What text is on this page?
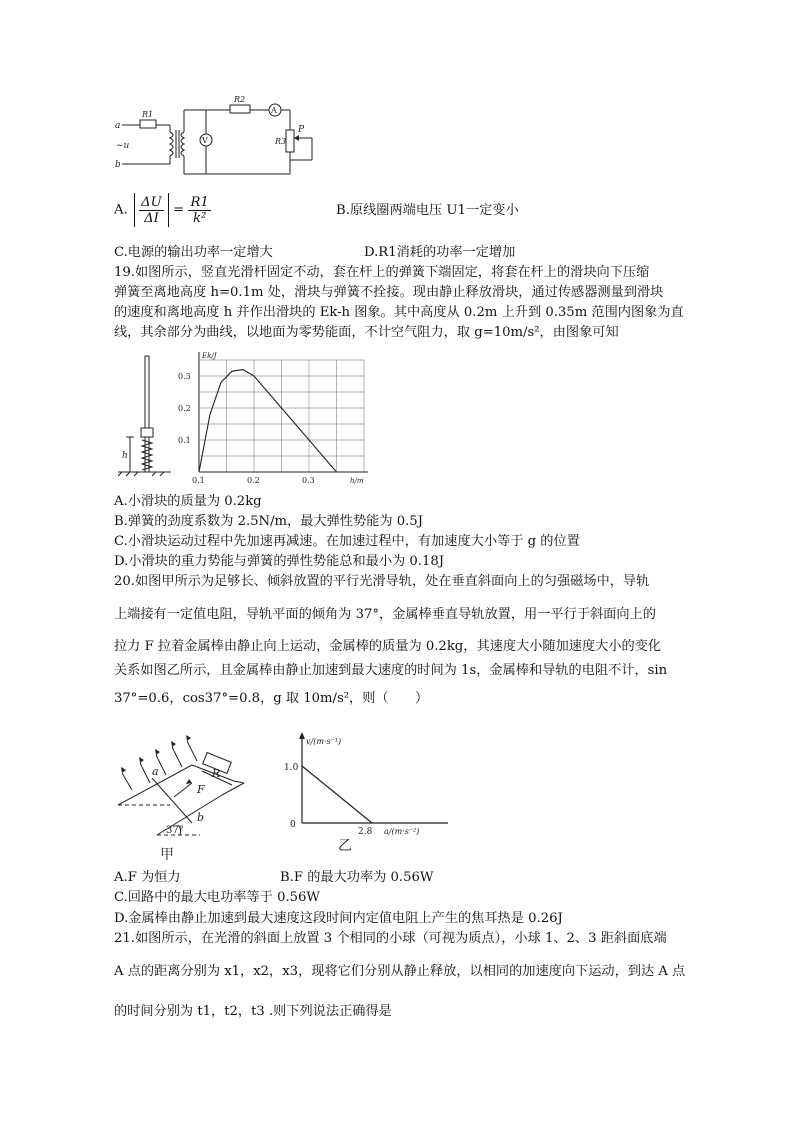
a
~u
b
R1
R2
R3
P
V
A
A. $\frac{\Delta U}{\Delta I} = \frac{R1}{\text{k²}}$	B.原线圈两端电压 U1一定变小
C.电源的输出功率一定增大	D.R1消耗的功率一定增加
19.如图所示，竖直光滑杆固定不动，套在杆上的弹簧下端固定，将套在杆上的滑块向下压缩
弹簧至离地高度 h=0.1m 处，滑块与弹簧不拴接。现由静止释放滑块，通过传感器测量到滑块
的速度和离地高度 h 并作出滑块的 Ek-h 图象。其中高度从 0.2m 上升到 0.35m 范围内图象为直
线，其余部分为曲线，以地面为零势能面，不计空气阻力，取 g=10m/s²，由图象可知
h
0.1	0.2	0.3
0.1
0.2
0.3
h/m
Ek/J
A.小滑块的质量为 0.2kg
B.弹簧的劲度系数为 2.5N/m，最大弹性势能为 0.5J
C.小滑块运动过程中先加速再减速。在加速过程中，有加速度大小等于 g 的位置
D.小滑块的重力势能与弹簧的弹性势能总和最小为 0.18J
20.如图甲所示为足够长、倾斜放置的平行光滑导轨，处在垂直斜面向上的匀强磁场中，导轨
上端接有一定值电阻，导轨平面的倾角为 37°，金属棒垂直导轨放置，用一平行于斜面向上的
拉力 F 拉着金属棒由静止向上运动，金属棒的质量为 0.2kg，其速度大小随加速度大小的变化
关系如图乙所示，且金属棒由静止加速到最大速度的时间为 1s，金属棒和导轨的电阻不计，sin
37°=0.6，cos37°=0.8，g 取 10m/s²，则（　　）
a
F
R
b
37°
甲
1.0
2.8
0
v/(m·s⁻¹)
a/(m·s⁻²)
乙
A.F 为恒力	B.F 的最大功率为 0.56W
C.回路中的最大电功率等于 0.56W
D.金属棒由静止加速到最大速度这段时间内定值电阻上产生的焦耳热是 0.26J
21.如图所示，在光滑的斜面上放置 3 个相同的小球（可视为质点），小球 1、2、3 距斜面底端
A 点的距离分别为 x1，x2，x3，现将它们分别从静止释放，以相同的加速度向下运动，到达 A 点
的时间分别为 t1，t2，t3 .则下列说法正确得是
